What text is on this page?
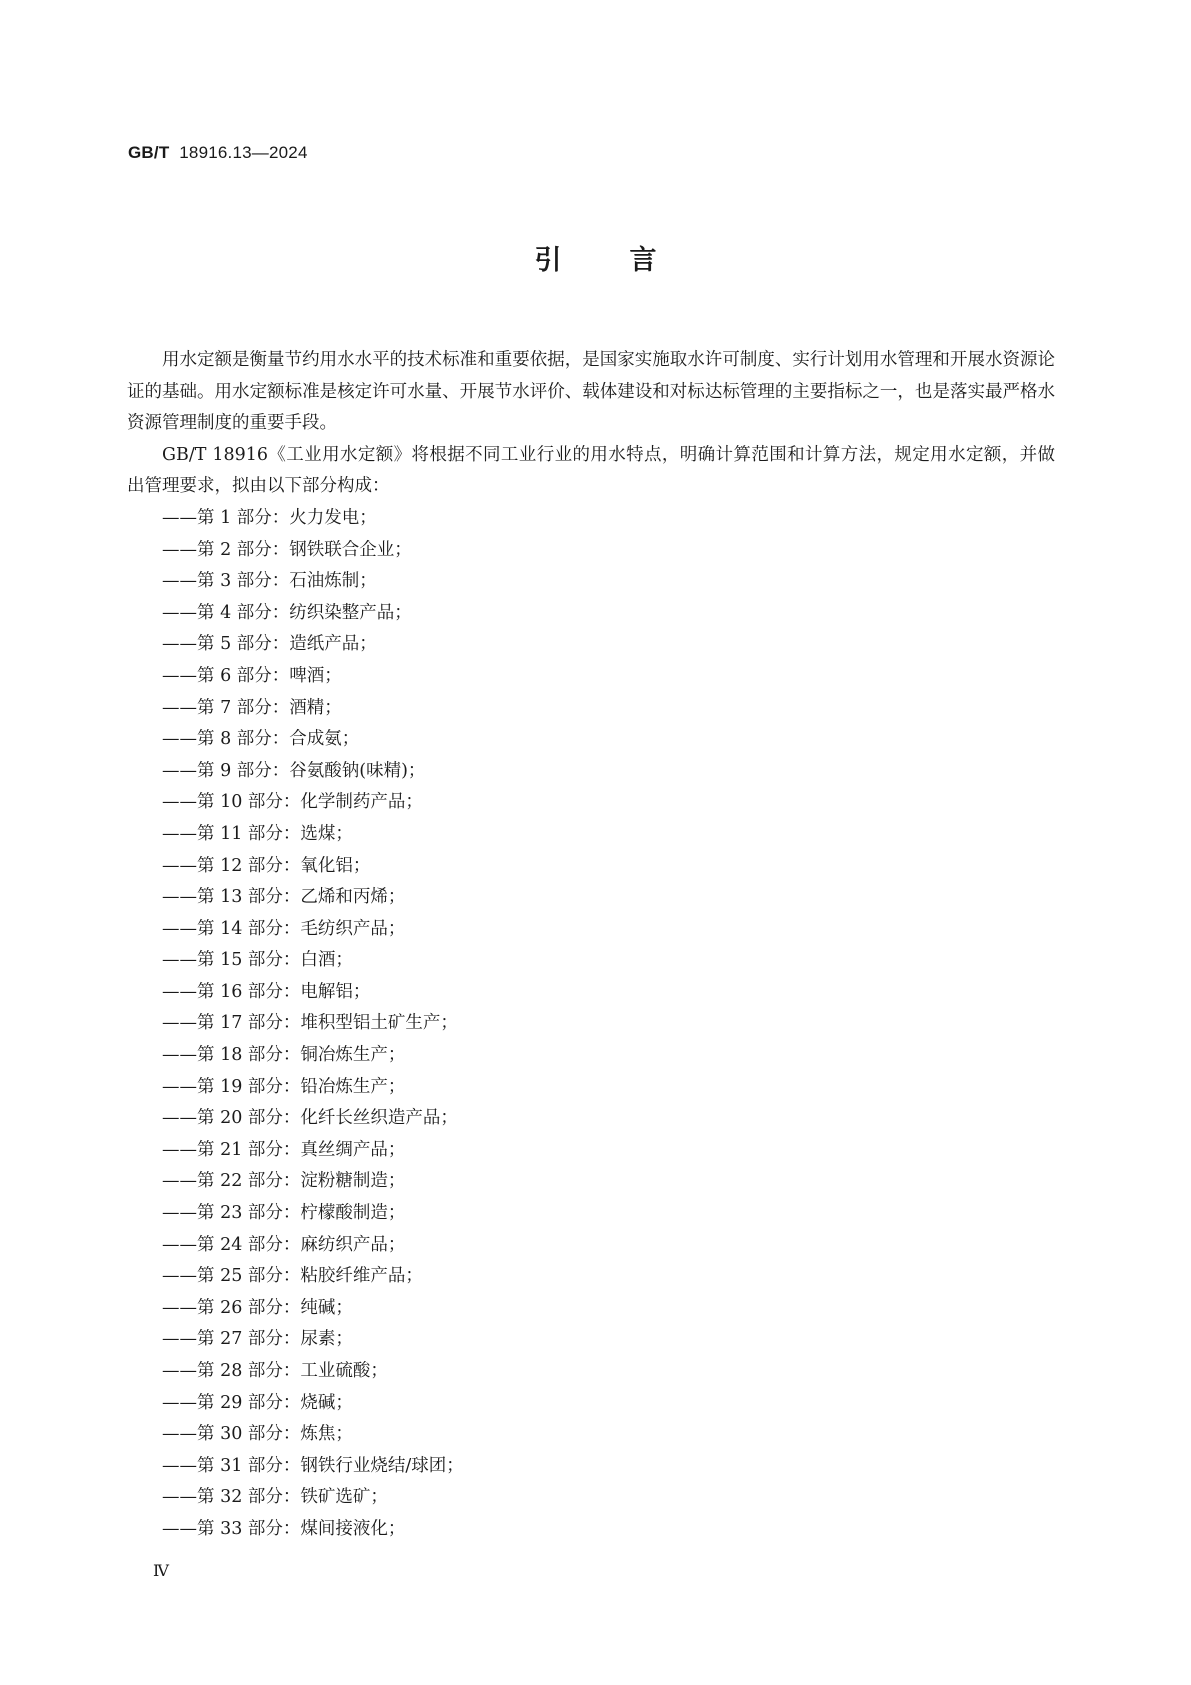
GB/T 18916.13—2024
引言

用水定额是衡量节约用水水平的技术标准和重要依据，是国家实施取水许可制度、实行计划用水管理和开展水资源论证的基础。用水定额标准是核定许可水量、开展节水评价、载体建设和对标达标管理的主要指标之一，也是落实最严格水资源管理制度的重要手段。

GB/T 18916《工业用水定额》将根据不同工业行业的用水特点，明确计算范围和计算方法，规定用水定额，并做出管理要求，拟由以下部分构成：

——第 1 部分：火力发电；
——第 2 部分：钢铁联合企业；
——第 3 部分：石油炼制；
——第 4 部分：纺织染整产品；
——第 5 部分：造纸产品；
——第 6 部分：啤酒；
——第 7 部分：酒精；
——第 8 部分：合成氨；
——第 9 部分：谷氨酸钠(味精)；
——第 10 部分：化学制药产品；
——第 11 部分：选煤；
——第 12 部分：氧化铝；
——第 13 部分：乙烯和丙烯；
——第 14 部分：毛纺织产品；
——第 15 部分：白酒；
——第 16 部分：电解铝；
——第 17 部分：堆积型铝土矿生产；
——第 18 部分：铜冶炼生产；
——第 19 部分：铅冶炼生产；
——第 20 部分：化纤长丝织造产品；
——第 21 部分：真丝绸产品；
——第 22 部分：淀粉糖制造；
——第 23 部分：柠檬酸制造；
——第 24 部分：麻纺织产品；
——第 25 部分：粘胶纤维产品；
——第 26 部分：纯碱；
——第 27 部分：尿素；
——第 28 部分：工业硫酸；
——第 29 部分：烧碱；
——第 30 部分：炼焦；
——第 31 部分：钢铁行业烧结/球团；
——第 32 部分：铁矿选矿；
——第 33 部分：煤间接液化；
Ⅳ
